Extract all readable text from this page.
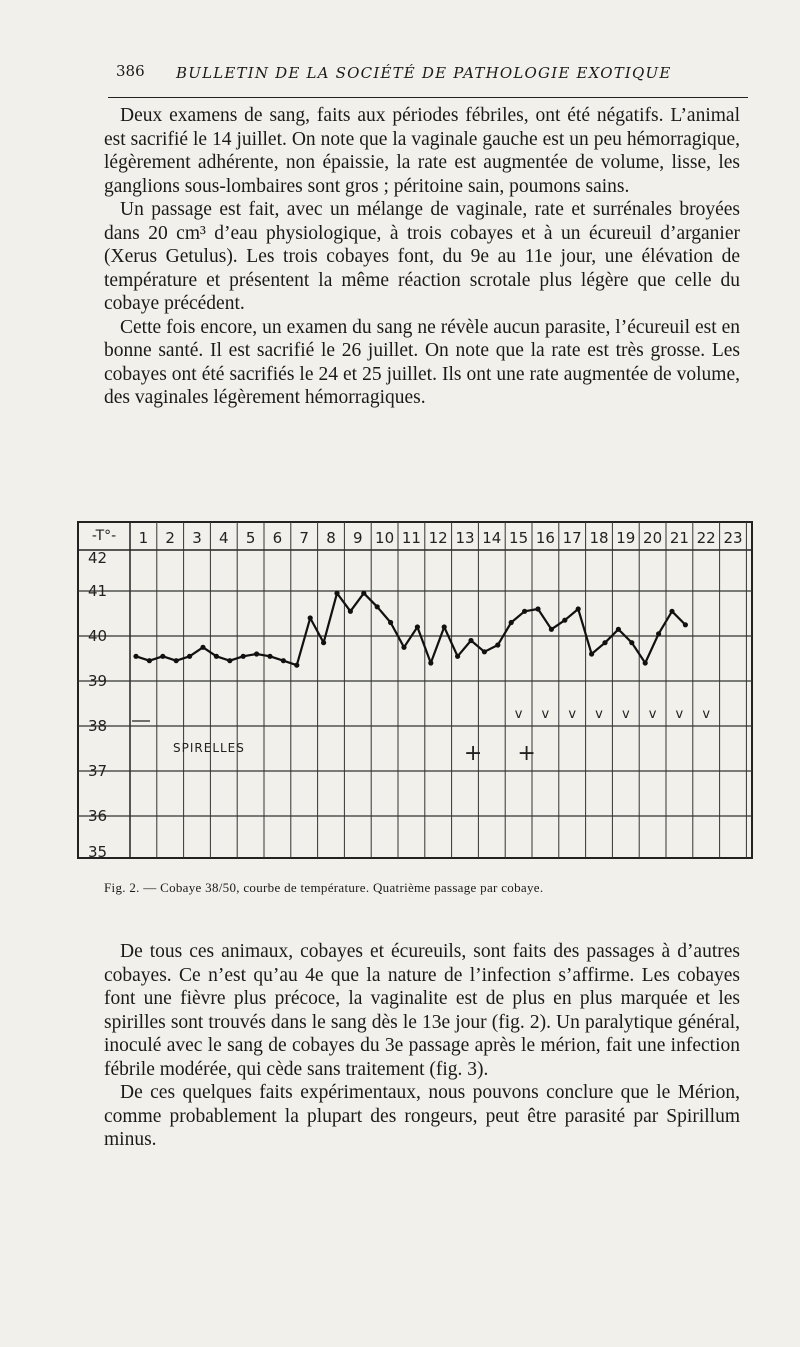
386 BULLETIN DE LA SOCIÉTÉ DE PATHOLOGIE EXOTIQUE

Deux examens de sang, faits aux périodes fébriles, ont été négatifs. L’animal est sacrifié le 14 juillet. On note que la vaginale gauche est un peu hémorragique, légèrement adhérente, non épaissie, la rate est augmentée de volume, lisse, les ganglions sous-lombaires sont gros ; péritoine sain, poumons sains.

Un passage est fait, avec un mélange de vaginale, rate et surrénales broyées dans 20 cm³ d’eau physiologique, à trois cobayes et à un écureuil d’arganier (Xerus Getulus). Les trois cobayes font, du 9e au 11e jour, une élévation de température et présentent la même réaction scrotale plus légère que celle du cobaye précédent.

Cette fois encore, un examen du sang ne révèle aucun parasite, l’écureuil est en bonne santé. Il est sacrifié le 26 juillet. On note que la rate est très grosse. Les cobayes ont été sacrifiés le 24 et 25 juillet. Ils ont une rate augmentée de volume, des vaginales légèrement hémorragiques.

-T°- 1 2 3 4 5 6 7 8 9 10 11 12 13 14 15 16 17 18 19 20 21 22 23
42
41
40
39
38
37
36
35
SPIRELLES
v v v v v v v v
+ +
Fig. 2. — Cobaye 38/50, courbe de température. Quatrième passage par cobaye.

De tous ces animaux, cobayes et écureuils, sont faits des passages à d’autres cobayes. Ce n’est qu’au 4e que la nature de l’infection s’affirme. Les cobayes font une fièvre plus précoce, la vaginalite est de plus en plus marquée et les spirilles sont trouvés dans le sang dès le 13e jour (fig. 2). Un paralytique général, inoculé avec le sang de cobayes du 3e passage après le mérion, fait une infection fébrile modérée, qui cède sans traitement (fig. 3).

De ces quelques faits expérimentaux, nous pouvons conclure que le Mérion, comme probablement la plupart des rongeurs, peut être parasité par Spirillum minus.
